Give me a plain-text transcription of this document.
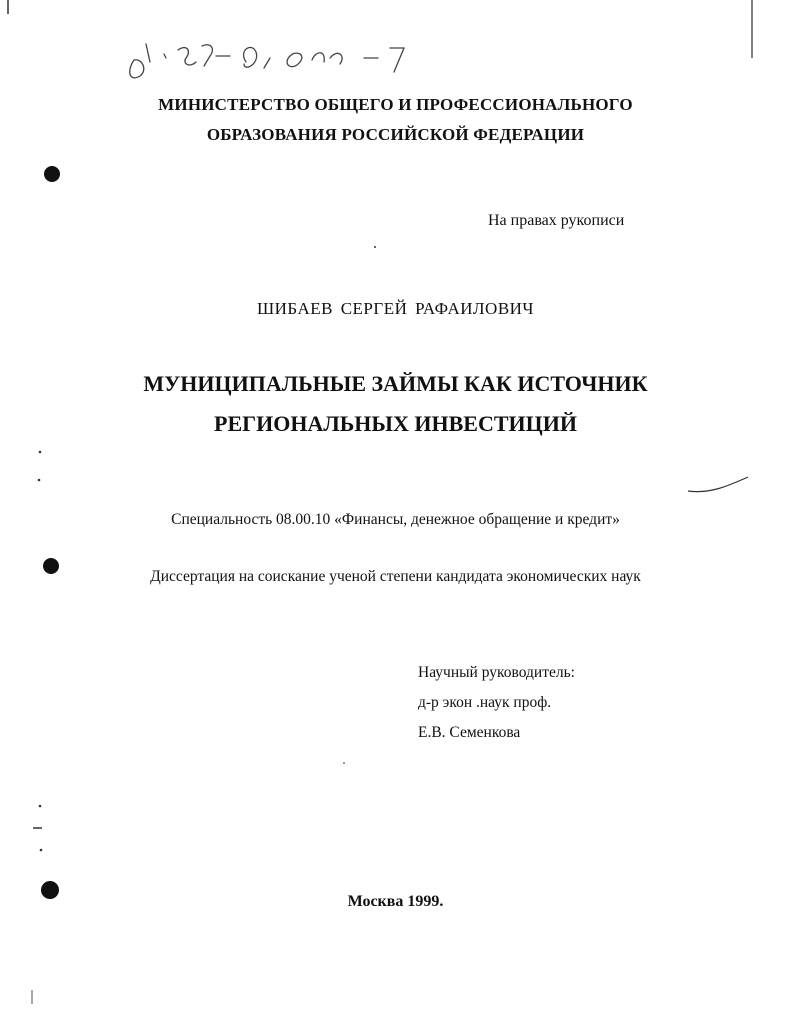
МИНИСТЕРСТВО ОБЩЕГО И ПРОФЕССИОНАЛЬНОГО
ОБРАЗОВАНИЯ РОССИЙСКОЙ ФЕДЕРАЦИИ
На правах рукописи
ШИБАЕВ СЕРГЕЙ РАФАИЛОВИЧ
МУНИЦИПАЛЬНЫЕ ЗАЙМЫ КАК ИСТОЧНИК
РЕГИОНАЛЬНЫХ ИНВЕСТИЦИЙ
Специальность 08.00.10 «Финансы, денежное обращение и кредит»
Диссертация на соискание ученой степени кандидата экономических наук
Научный руководитель:
д-р экон .наук проф.
Е.В. Семенкова
Москва 1999.
